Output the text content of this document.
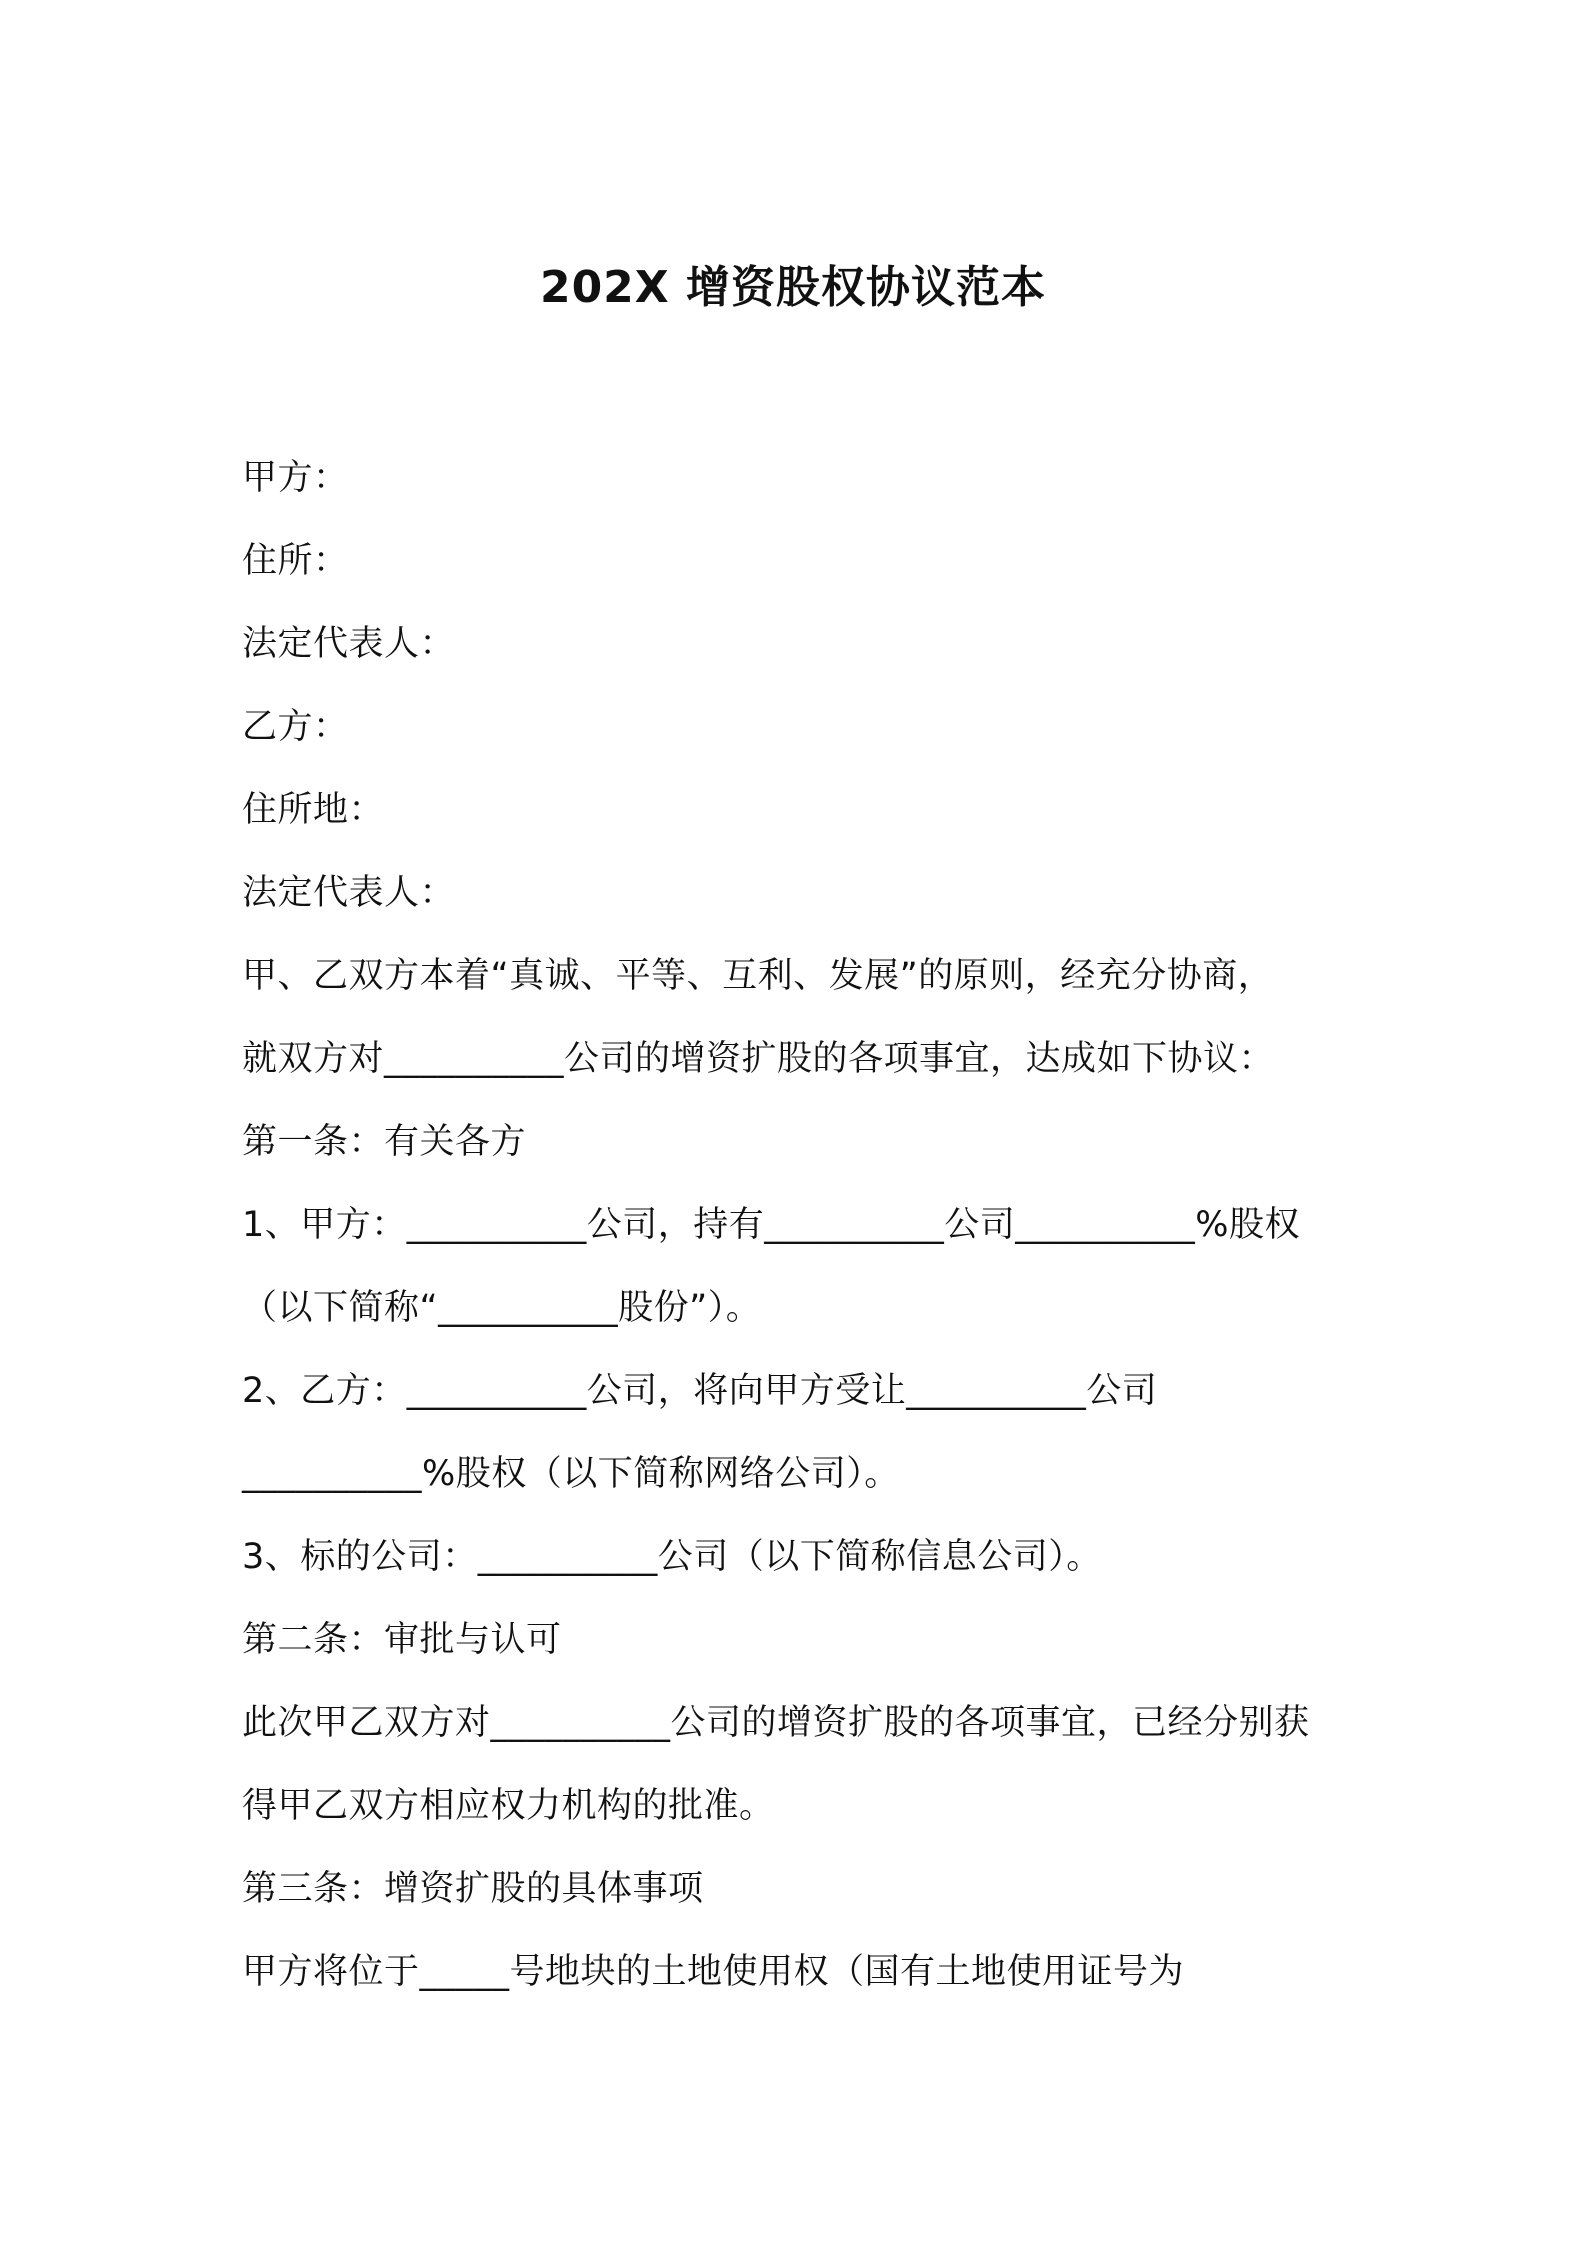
202X 增资股权协议范本
甲方：
住所：
法定代表人：
乙方：
住所地：
法定代表人：
甲、乙双方本着“真诚、平等、互利、发展”的原则，经充分协商，
就双方对__________公司的增资扩股的各项事宜，达成如下协议：
第一条：有关各方
1、甲方：__________公司，持有__________公司__________%股权
（以下简称“__________股份”）。
2、乙方：__________公司，将向甲方受让__________公司
__________%股权（以下简称网络公司）。
3、标的公司：__________公司（以下简称信息公司）。
第二条：审批与认可
此次甲乙双方对__________公司的增资扩股的各项事宜，已经分别获
得甲乙双方相应权力机构的批准。
第三条：增资扩股的具体事项
甲方将位于_____号地块的土地使用权（国有土地使用证号为
